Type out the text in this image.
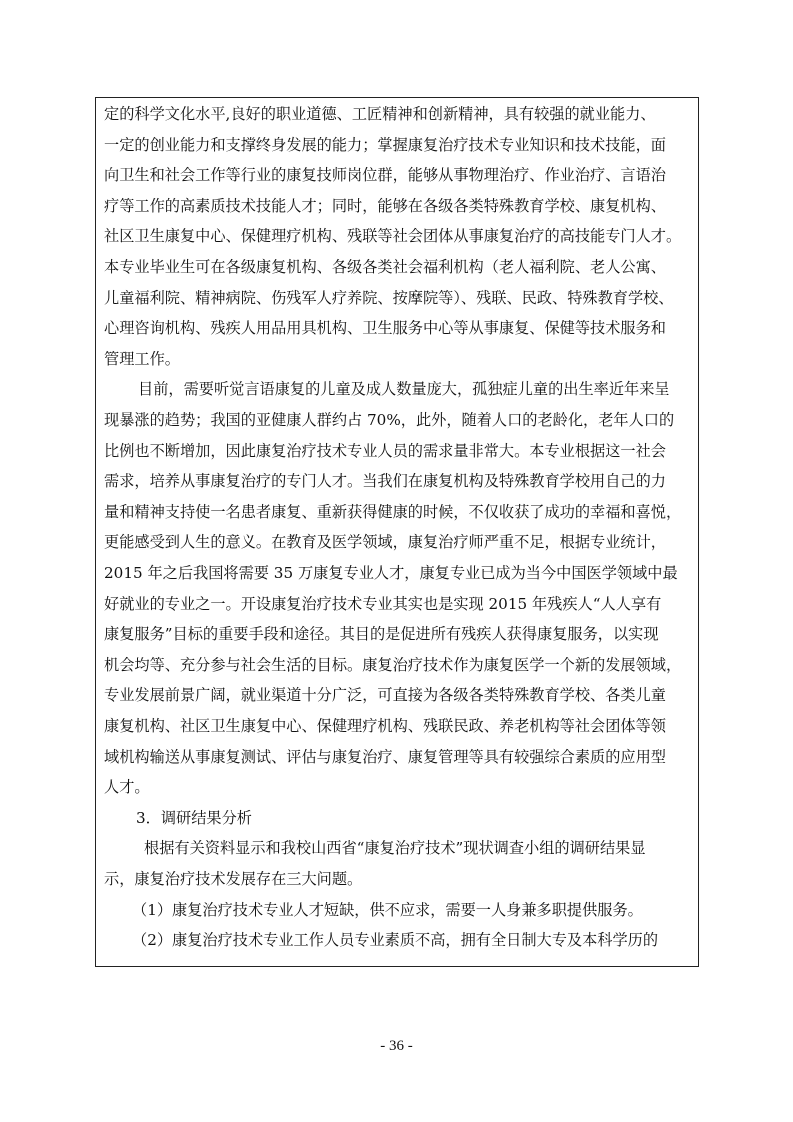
定的科学文化水平,良好的职业道德、工匠精神和创新精神，具有较强的就业能力、
一定的创业能力和支撑终身发展的能力；掌握康复治疗技术专业知识和技术技能，面
向卫生和社会工作等行业的康复技师岗位群，能够从事物理治疗、作业治疗、言语治
疗等工作的高素质技术技能人才；同时，能够在各级各类特殊教育学校、康复机构、
社区卫生康复中心、保健理疗机构、残联等社会团体从事康复治疗的高技能专门人才。
本专业毕业生可在各级康复机构、各级各类社会福利机构（老人福利院、老人公寓、
儿童福利院、精神病院、伤残军人疗养院、按摩院等）、残联、民政、特殊教育学校、
心理咨询机构、残疾人用品用具机构、卫生服务中心等从事康复、保健等技术服务和
管理工作。
目前，需要听觉言语康复的儿童及成人数量庞大，孤独症儿童的出生率近年来呈
现暴涨的趋势；我国的亚健康人群约占 70%，此外，随着人口的老龄化，老年人口的
比例也不断增加，因此康复治疗技术专业人员的需求量非常大。本专业根据这一社会
需求，培养从事康复治疗的专门人才。当我们在康复机构及特殊教育学校用自己的力
量和精神支持使一名患者康复、重新获得健康的时候，不仅收获了成功的幸福和喜悦，
更能感受到人生的意义。在教育及医学领域，康复治疗师严重不足，根据专业统计，
2015 年之后我国将需要 35 万康复专业人才，康复专业已成为当今中国医学领域中最
好就业的专业之一。开设康复治疗技术专业其实也是实现 2015 年残疾人“人人享有
康复服务”目标的重要手段和途径。其目的是促进所有残疾人获得康复服务，以实现
机会均等、充分参与社会生活的目标。康复治疗技术作为康复医学一个新的发展领域，
专业发展前景广阔，就业渠道十分广泛，可直接为各级各类特殊教育学校、各类儿童
康复机构、社区卫生康复中心、保健理疗机构、残联民政、养老机构等社会团体等领
域机构输送从事康复测试、评估与康复治疗、康复管理等具有较强综合素质的应用型
人才。
3．调研结果分析
根据有关资料显示和我校山西省“康复治疗技术”现状调查小组的调研结果显
示，康复治疗技术发展存在三大问题。
（1）康复治疗技术专业人才短缺，供不应求，需要一人身兼多职提供服务。
（2）康复治疗技术专业工作人员专业素质不高，拥有全日制大专及本科学历的
- 36 -
